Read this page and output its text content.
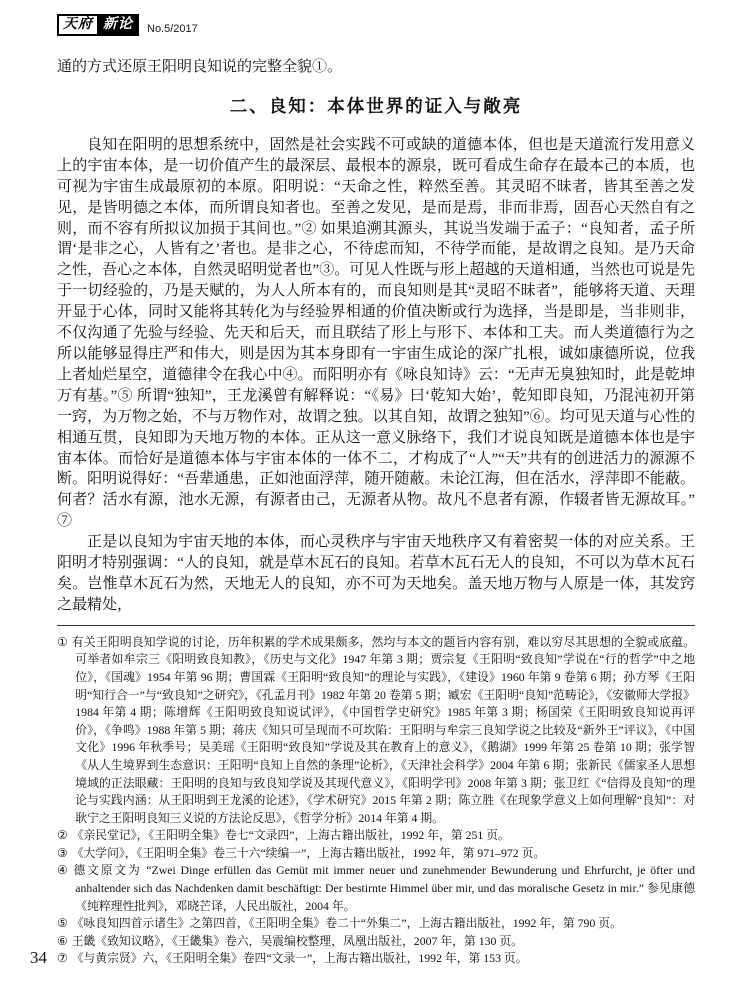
天府 新论	No.5/2017

通的方式还原王阳明良知说的完整全貌①。

二、良知：本体世界的证入与敞亮

良知在阳明的思想系统中，固然是社会实践不可或缺的道德本体，但也是天道流行发用意义上的宇宙本体，是一切价值产生的最深层、最根本的源泉，既可看成生命存在最本己的本质，也可视为宇宙生成最原初的本原。阳明说：“天命之性，粹然至善。其灵昭不昧者，皆其至善之发见，是皆明德之本体，而所谓良知者也。至善之发见，是而是焉，非而非焉，固吾心天然自有之则，而不容有所拟议加损于其间也。”② 如果追溯其源头，其说当发端于孟子：“良知者，孟子所谓‘是非之心，人皆有之’者也。是非之心，不待虑而知，不待学而能，是故谓之良知。是乃天命之性，吾心之本体，自然灵昭明觉者也”③。可见人性既与形上超越的天道相通，当然也可说是先于一切经验的，乃是天赋的，为人人所本有的，而良知则是其“灵昭不昧者”，能够将天道、天理开显于心体，同时又能将其转化为与经验界相通的价值决断或行为选择，当是即是，当非则非，不仅沟通了先验与经验、先天和后天，而且联结了形上与形下、本体和工夫。而人类道德行为之所以能够显得庄严和伟大，则是因为其本身即有一宇宙生成论的深广扎根，诚如康德所说，位我上者灿烂星空，道德律令在我心中④。而阳明亦有《咏良知诗》云：“无声无臭独知时，此是乾坤万有基。”⑤ 所谓“独知”，王龙溪曾有解释说：“《易》曰‘乾知大始’，乾知即良知，乃混沌初开第一窍，为万物之始，不与万物作对，故谓之独。以其自知，故谓之独知”⑥。均可见天道与心性的相通互贯，良知即为天地万物的本体。正从这一意义脉络下，我们才说良知既是道德本体也是宇宙本体。而恰好是道德本体与宇宙本体的一体不二，才构成了“人”“天”共有的创进活力的源源不断。阳明说得好：“吾辈通患，正如池面浮萍，随开随蔽。未论江海，但在活水，浮萍即不能蔽。何者？活水有源，池水无源，有源者由己，无源者从物。故凡不息者有源，作辍者皆无源故耳。”⑦

正是以良知为宇宙天地的本体，而心灵秩序与宇宙天地秩序又有着密契一体的对应关系。王阳明才特别强调：“人的良知，就是草木瓦石的良知。若草木瓦石无人的良知，不可以为草木瓦石矣。岂惟草木瓦石为然，天地无人的良知，亦不可为天地矣。盖天地万物与人原是一体，其发窍之最精处，

① 有关王阳明良知学说的讨论，历年积累的学术成果颇多，然均与本文的题旨内容有别，难以穷尽其思想的全貌或底蕴。可举者如牟宗三《阳明致良知教》，《历史与文化》1947 年第 3 期；贾宗复《王阳明“致良知”学说在“行的哲学”中之地位》，《国魂》1954 年第 96 期；曹国霖《王阳明“致良知”的理论与实践》，《建设》1960 年第 9 卷第 6 期；孙方琴《王阳明“知行合一”与“致良知”之研究》，《孔孟月刊》1982 年第 20 卷第 5 期；臧宏《王阳明“良知”范畴论》，《安徽师大学报》1984 年第 4 期；陈增辉《王阳明致良知说试评》，《中国哲学史研究》1985 年第 3 期；杨国荣《王阳明致良知说再评价》，《争鸣》1988 年第 5 期；蒋庆《知只可呈现而不可坎陷：王阳明与牟宗三良知学说之比较及“新外王”评议》，《中国文化》1996 年秋季号；吴美瑶《王阳明“致良知”学说及其在教育上的意义》，《鹅湖》1999 年第 25 卷第 10 期；张学智《从人生境界到生态意识：王阳明“良知上自然的条理”论析》，《天津社会科学》2004 年第 6 期；张新民《儒家圣人思想境域的正法眼藏：王阳明的良知与致良知学说及其现代意义》，《阳明学刊》2008 年第 3 期；张卫红《“信得及良知”的理论与实践内涵：从王阳明到王龙溪的论述》，《学术研究》2015 年第 2 期；陈立胜《在现象学意义上如何理解“良知”：对耿宁之王阳明良知三义说的方法论反思》，《哲学分析》2014 年第 4 期。
② 《亲民堂记》，《王阳明全集》卷七“文录四”，上海古籍出版社，1992 年，第 251 页。
③ 《大学问》，《王阳明全集》卷三十六“续编一”，上海古籍出版社，1992 年，第 971–972 页。
④ 德文原文为 “Zwei Dinge erfüllen das Gemüt mit immer neuer und zunehmender Bewunderung und Ehrfurcht, je öfter und anhaltender sich das Nachdenken damit beschäftigt: Der bestirnte Himmel über mir, und das moralische Gesetz in mir.” 参见康德《纯粹理性批判》，邓晓芒译，人民出版社，2004 年。
⑤ 《咏良知四首示诸生》之第四首，《王阳明全集》卷二十“外集二”，上海古籍出版社，1992 年，第 790 页。
⑥ 王畿《致知议略》，《王畿集》卷六，吴震编校整理，凤凰出版社，2007 年，第 130 页。
⑦ 《与黄宗贤》六，《王阳明全集》卷四“文录一”，上海古籍出版社，1992 年，第 153 页。
34
